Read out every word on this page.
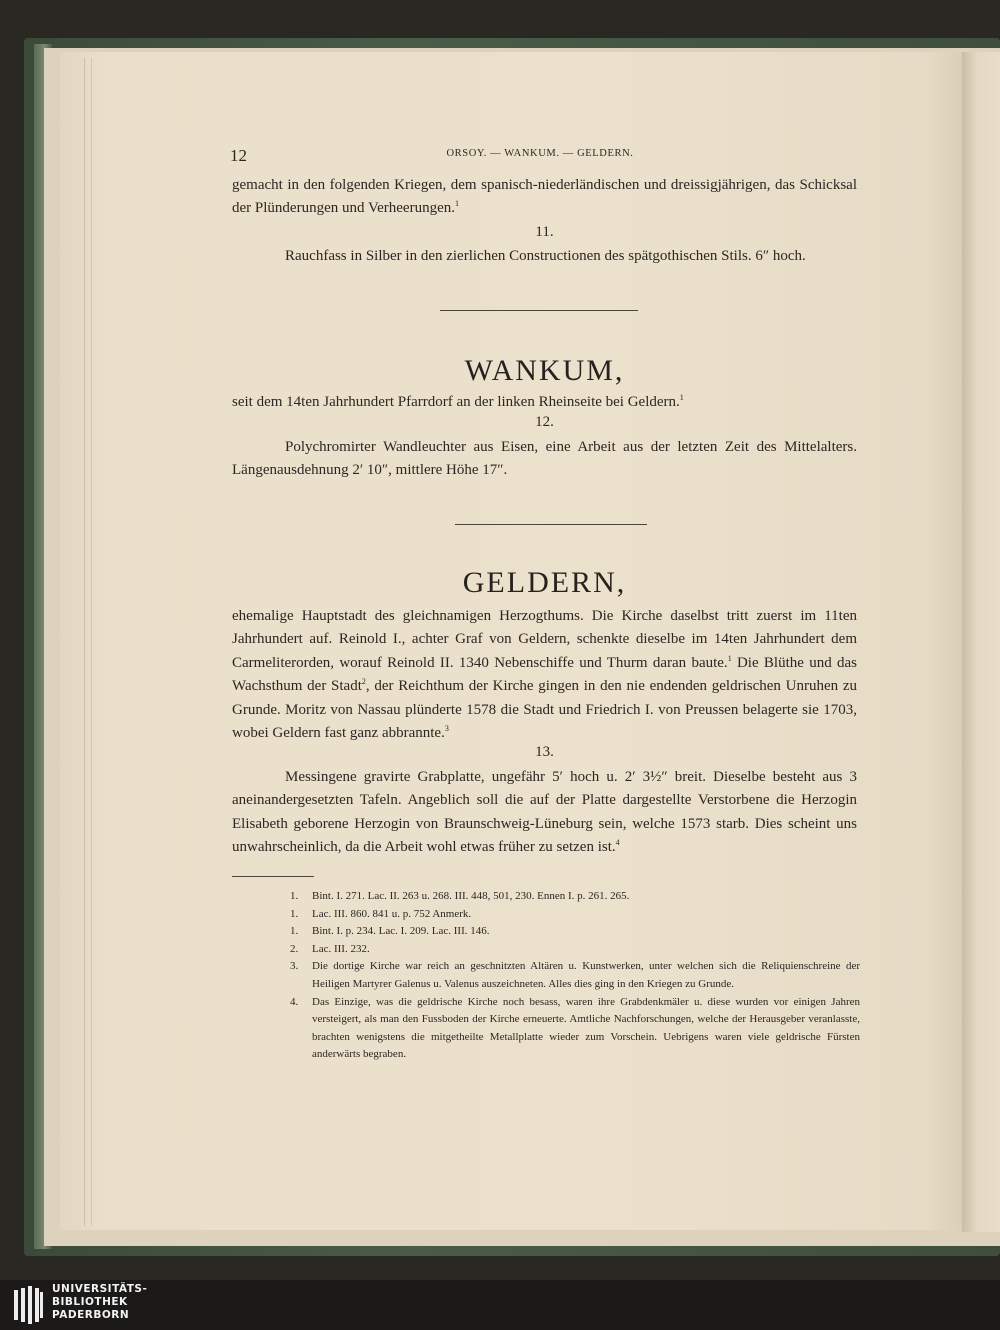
12	ORSOY. — WANKUM. — GELDERN.
gemacht in den folgenden Kriegen, dem spanisch-niederländischen und dreissigjährigen, das Schicksal der Plünderungen und Verheerungen.$^1$
11.
Rauchfass in Silber in den zierlichen Constructionen des spätgothischen Stils. 6″ hoch.
WANKUM,
seit dem 14ten Jahrhundert Pfarrdorf an der linken Rheinseite bei Geldern.$^1$
12.
Polychromirter Wandleuchter aus Eisen, eine Arbeit aus der letzten Zeit des Mittelalters. Längenausdehnung 2′ 10″, mittlere Höhe 17″.
GELDERN,
ehemalige Hauptstadt des gleichnamigen Herzogthums. Die Kirche daselbst tritt zuerst im 11ten Jahrhundert auf. Reinold I., achter Graf von Geldern, schenkte dieselbe im 14ten Jahrhundert dem Carmeliterorden, worauf Reinold II. 1340 Nebenschiffe und Thurm daran baute.$^1$ Die Blüthe und das Wachsthum der Stadt$^2$, der Reichthum der Kirche gingen in den nie endenden geldrischen Unruhen zu Grunde. Moritz von Nassau plünderte 1578 die Stadt und Friedrich I. von Preussen belagerte sie 1703, wobei Geldern fast ganz abbrannte.$^3$
13.
Messingene gravirte Grabplatte, ungefähr 5′ hoch u. 2′ 3½″ breit. Dieselbe besteht aus 3 aneinandergesetzten Tafeln. Angeblich soll die auf der Platte dargestellte Verstorbene die Herzogin Elisabeth geborene Herzogin von Braunschweig-Lüneburg sein, welche 1573 starb. Dies scheint uns unwahrscheinlich, da die Arbeit wohl etwas früher zu setzen ist.$^4$
1. Bint. I. 271. Lac. II. 263 u. 268. III. 448, 501, 230. Ennen I. p. 261. 265.
1. Lac. III. 860. 841 u. p. 752 Anmerk.
1. Bint. I. p. 234. Lac. I. 209. Lac. III. 146.
2. Lac. III. 232.
3. Die dortige Kirche war reich an geschnitzten Altären u. Kunstwerken, unter welchen sich die Reliquienschreine der Heiligen Martyrer Galenus u. Valenus auszeichneten. Alles dies ging in den Kriegen zu Grunde.
4. Das Einzige, was die geldrische Kirche noch besass, waren ihre Grabdenkmäler u. diese wurden vor einigen Jahren versteigert, als man den Fussboden der Kirche erneuerte. Amtliche Nachforschungen, welche der Herausgeber veranlasste, brachten wenigstens die mitgetheilte Metallplatte wieder zum Vorschein. Uebrigens waren viele geldrische Fürsten anderwärts begraben.
UNIVERSITÄTS-
BIBLIOTHEK
PADERBORN
